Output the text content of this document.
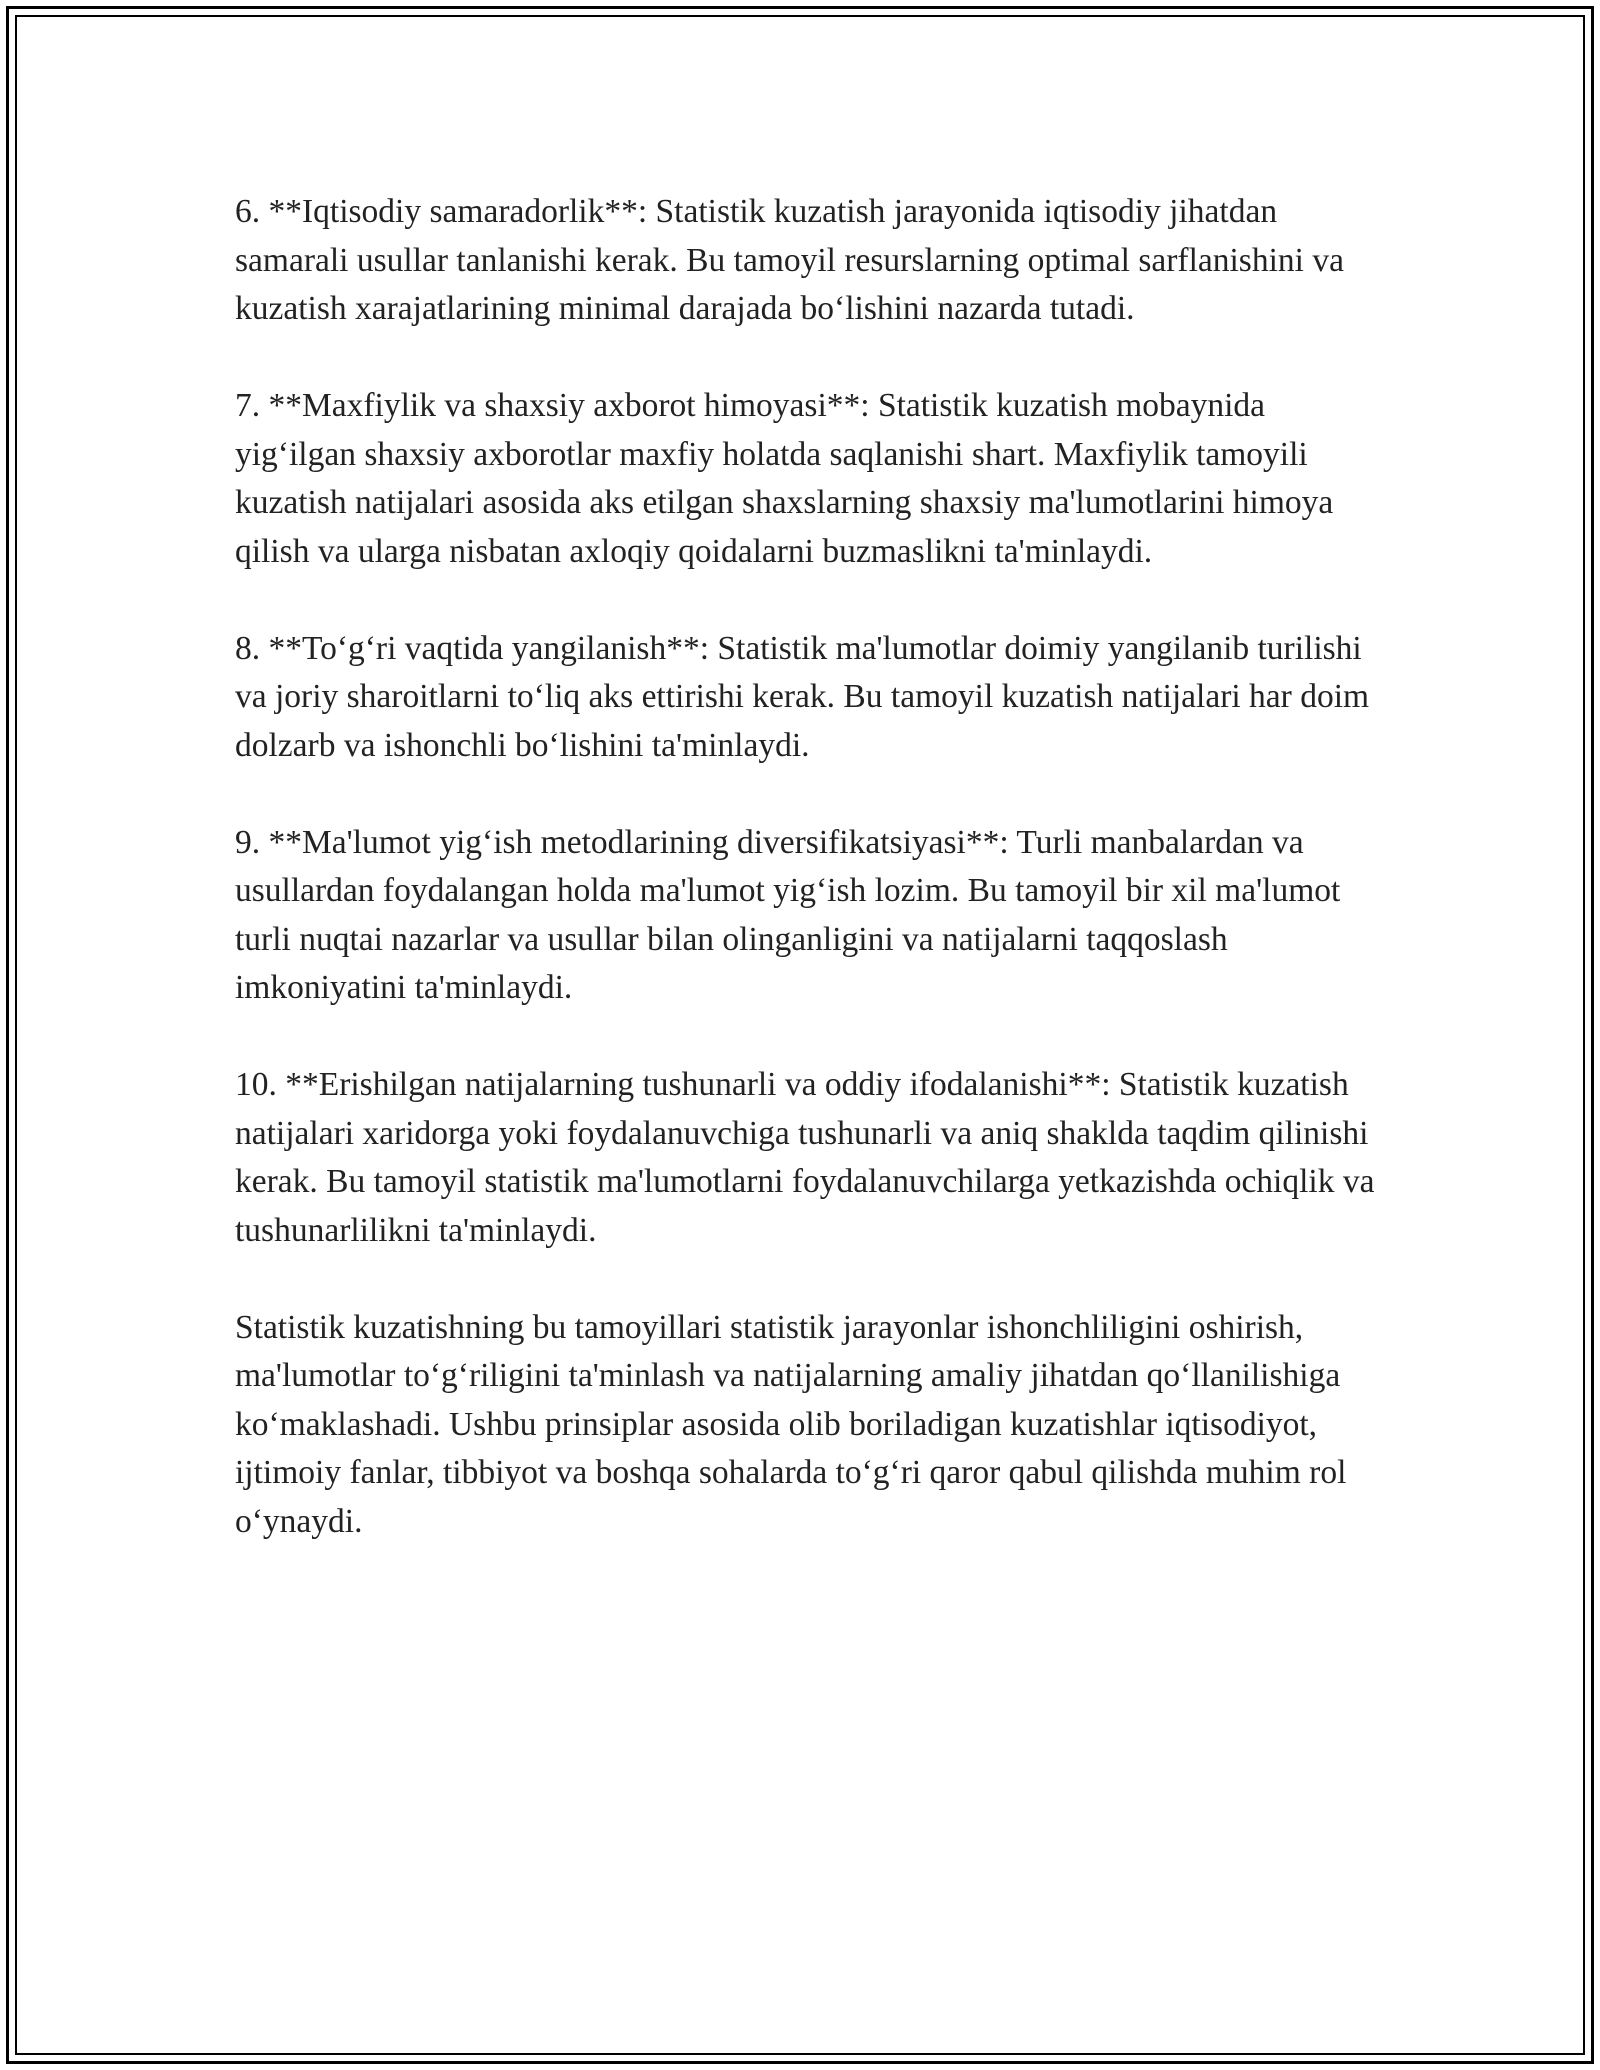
6. **Iqtisodiy samaradorlik**: Statistik kuzatish jarayonida iqtisodiy jihatdan samarali usullar tanlanishi kerak. Bu tamoyil resurslarning optimal sarflanishini va kuzatish xarajatlarining minimal darajada bo‘lishini nazarda tutadi.

7. **Maxfiylik va shaxsiy axborot himoyasi**: Statistik kuzatish mobaynida yig‘ilgan shaxsiy axborotlar maxfiy holatda saqlanishi shart. Maxfiylik tamoyili kuzatish natijalari asosida aks etilgan shaxslarning shaxsiy ma'lumotlarini himoya qilish va ularga nisbatan axloqiy qoidalarni buzmaslikni ta'minlaydi.

8. **To‘g‘ri vaqtida yangilanish**: Statistik ma'lumotlar doimiy yangilanib turilishi va joriy sharoitlarni to‘liq aks ettirishi kerak. Bu tamoyil kuzatish natijalari har doim dolzarb va ishonchli bo‘lishini ta'minlaydi.

9. **Ma'lumot yig‘ish metodlarining diversifikatsiyasi**: Turli manbalardan va usullardan foydalangan holda ma'lumot yig‘ish lozim. Bu tamoyil bir xil ma'lumot turli nuqtai nazarlar va usullar bilan olinganligini va natijalarni taqqoslash imkoniyatini ta'minlaydi.

10. **Erishilgan natijalarning tushunarli va oddiy ifodalanishi**: Statistik kuzatish natijalari xaridorga yoki foydalanuvchiga tushunarli va aniq shaklda taqdim qilinishi kerak. Bu tamoyil statistik ma'lumotlarni foydalanuvchilarga yetkazishda ochiqlik va tushunarlilikni ta'minlaydi.

Statistik kuzatishning bu tamoyillari statistik jarayonlar ishonchliligini oshirish, ma'lumotlar to‘g‘riligini ta'minlash va natijalarning amaliy jihatdan qo‘llanilishiga ko‘maklashadi. Ushbu prinsiplar asosida olib boriladigan kuzatishlar iqtisodiyot, ijtimoiy fanlar, tibbiyot va boshqa sohalarda to‘g‘ri qaror qabul qilishda muhim rol o‘ynaydi.
